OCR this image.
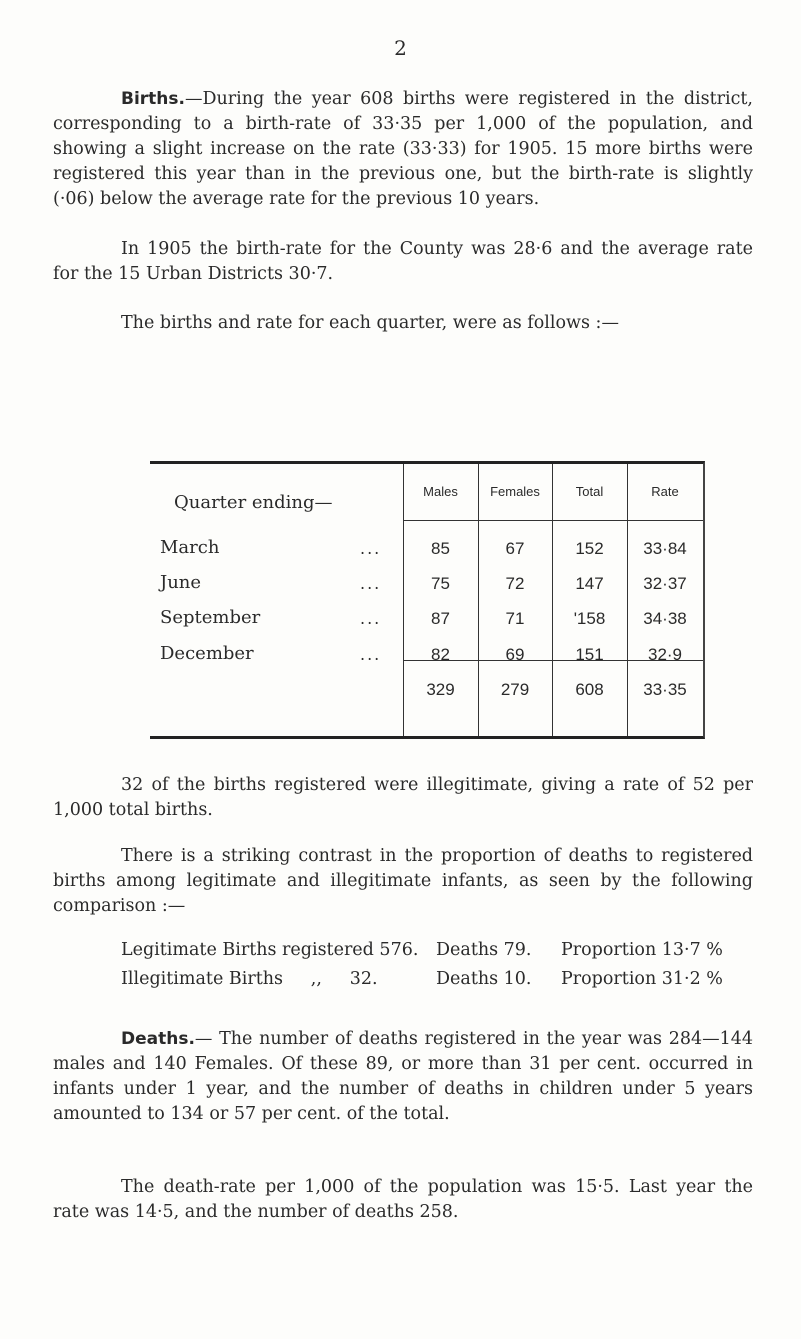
2

Births.—During the year 608 births were registered in the district, corresponding to a birth-rate of 33·35 per 1,000 of the population, and showing a slight increase on the rate (33·33) for 1905. 15 more births were registered this year than in the previous one, but the birth-rate is slightly (·06) below the average rate for the previous 10 years.

In 1905 the birth-rate for the County was 28·6 and the average rate for the 15 Urban Districts 30·7.

The births and rate for each quarter, were as follows :—

Quarter ending—
Males	Females	Total	Rate
March	...	85	67	152	33·84
June	...	75	72	147	32·37
September	...	87	71	'158	34·38
December	...	82	69	151	32·9
329	279	608	33·35

32 of the births registered were illegitimate, giving a rate of 52 per 1,000 total births.

There is a striking contrast in the proportion of deaths to registered births among legitimate and illegitimate infants, as seen by the following comparison :—

Legitimate Births registered 576. Deaths 79. Proportion 13·7 %
Illegitimate Births     ,,     32.	Deaths 10. Proportion 31·2 %

Deaths.— The number of deaths registered in the year was 284—144 males and 140 Females. Of these 89, or more than 31 per cent. occurred in infants under 1 year, and the number of deaths in children under 5 years amounted to 134 or 57 per cent. of the total.

The death-rate per 1,000 of the population was 15·5. Last year the rate was 14·5, and the number of deaths 258.
